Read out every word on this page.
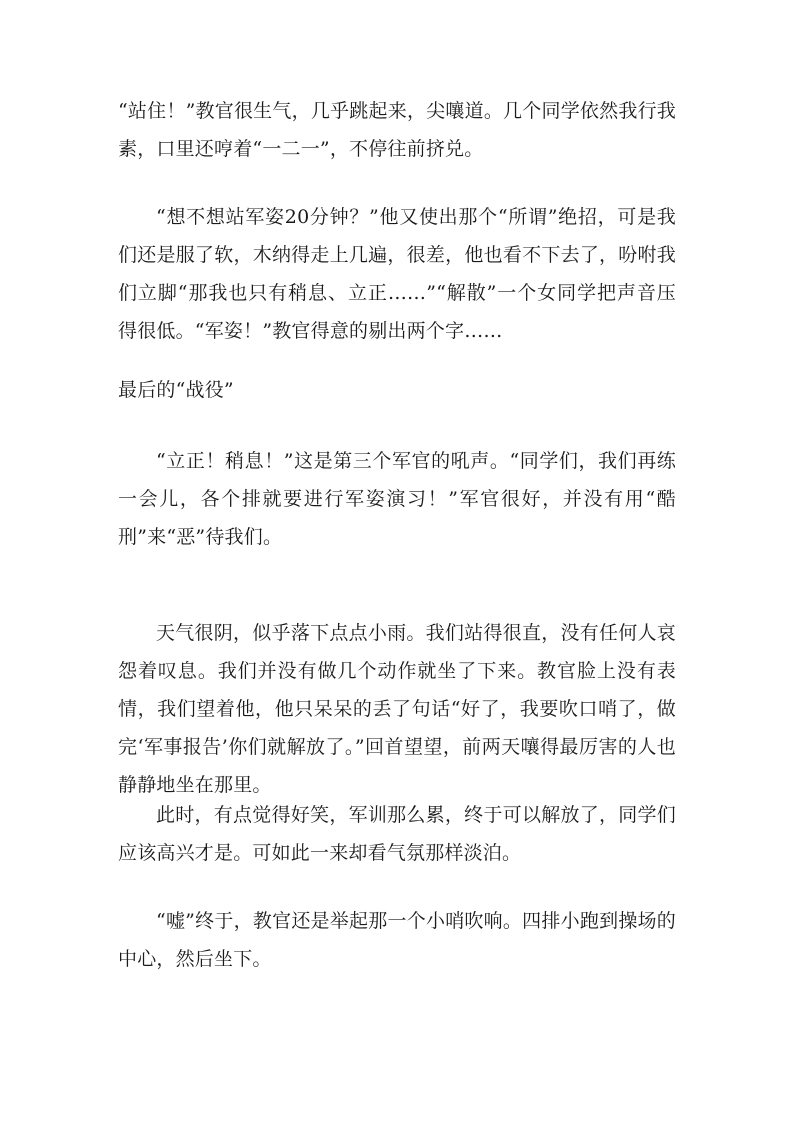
“站住！”教官很生气，几乎跳起来，尖嚷道。几个同学依然我行我素，口里还哼着“一二一”，不停往前挤兑。

“想不想站军姿20分钟？”他又使出那个“所谓”绝招，可是我们还是服了软，木纳得走上几遍，很差，他也看不下去了，吩咐我们立脚“那我也只有稍息、立正……”“解散”一个女同学把声音压得很低。“军姿！”教官得意的剔出两个字……

最后的“战役”

“立正！稍息！”这是第三个军官的吼声。“同学们，我们再练一会儿，各个排就要进行军姿演习！”军官很好，并没有用“酷刑”来“恶”待我们。

天气很阴，似乎落下点点小雨。我们站得很直，没有任何人哀怨着叹息。我们并没有做几个动作就坐了下来。教官脸上没有表情，我们望着他，他只呆呆的丢了句话“好了，我要吹口哨了，做完‘军事报告’你们就解放了。”回首望望，前两天嚷得最厉害的人也静静地坐在那里。

此时，有点觉得好笑，军训那么累，终于可以解放了，同学们应该高兴才是。可如此一来却看气氛那样淡泊。

“嘘”终于，教官还是举起那一个小哨吹响。四排小跑到操场的中心，然后坐下。
